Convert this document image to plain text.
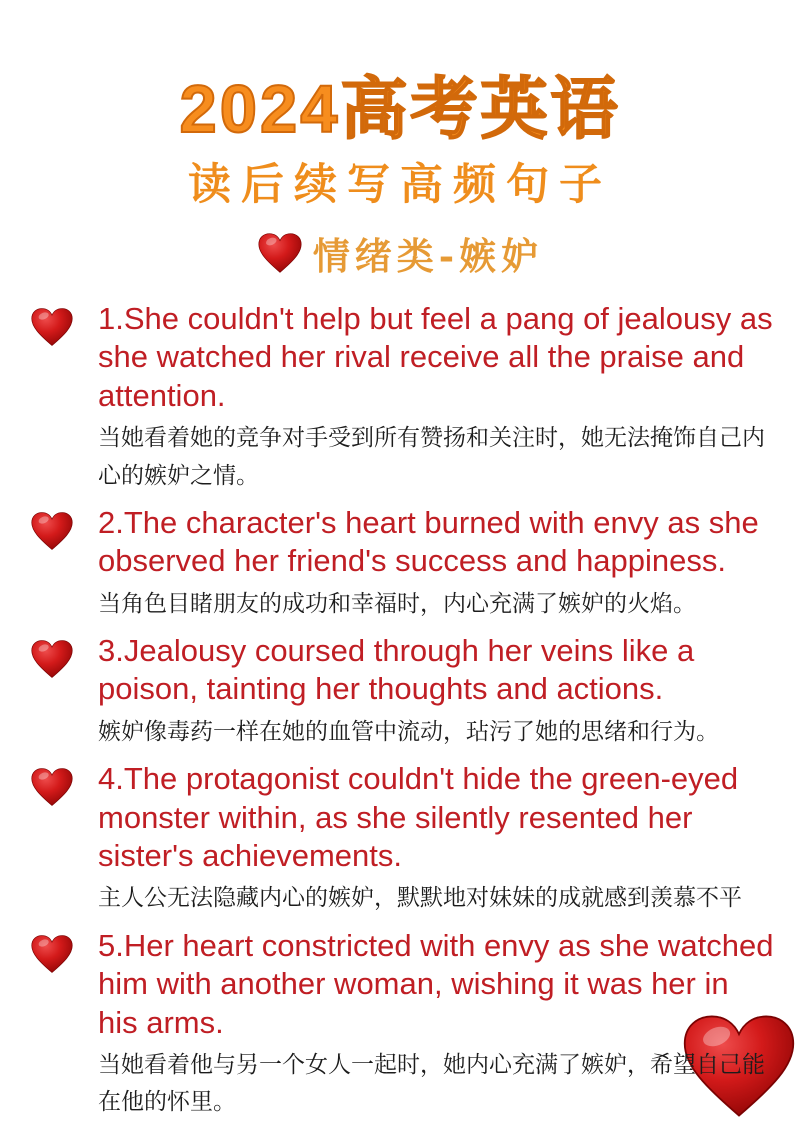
2024高考英语
读后续写高频句子
情绪类-嫉妒

1.She couldn't help but feel a pang of jealousy as she watched her rival receive all the praise and attention.

当她看着她的竞争对手受到所有赞扬和关注时，她无法掩饰自己内心的嫉妒之情。

2.The character's heart burned with envy as she observed her friend's success and happiness.

当角色目睹朋友的成功和幸福时，内心充满了嫉妒的火焰。

3.Jealousy coursed through her veins like a poison, tainting her thoughts and actions.

嫉妒像毒药一样在她的血管中流动，玷污了她的思绪和行为。

4.The protagonist couldn't hide the green-eyed monster within, as she silently resented her sister's achievements.

主人公无法隐藏内心的嫉妒，默默地对妹妹的成就感到羡慕不平

5.Her heart constricted with envy as she watched him with another woman, wishing it was her in his arms.

当她看着他与另一个女人一起时，她内心充满了嫉妒，希望自己能在他的怀里。
